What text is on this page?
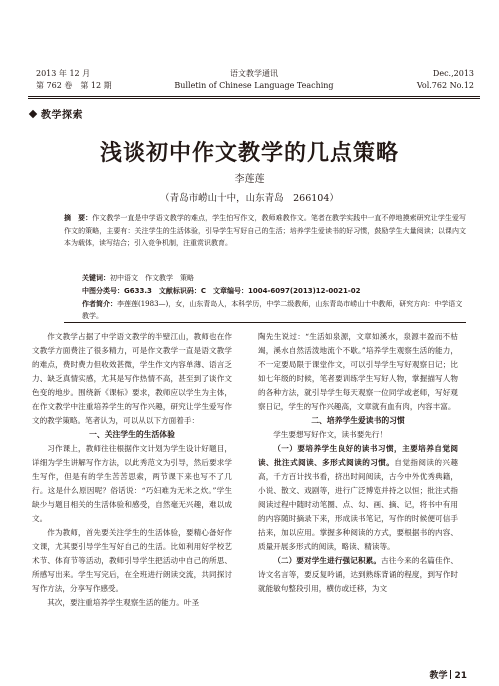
2013 年 12 月
第 762 卷　第 12 期
语文教学通讯
Bulletin of Chinese Language Teaching
Dec.,2013
Vol.762 No.12
教学探索
浅谈初中作文教学的几点策略
李莲莲
（青岛市崂山十中，山东青岛　266104）
摘　要：作文教学一直是中学语文教学的难点，学生怕写作文，教师难教作文。笔者在教学实践中一直不停地摸索研究让学生爱写作文的策略，主要有：关注学生的生活体验，引导学生写好自己的生活；培养学生爱读书的好习惯，鼓励学生大量阅读；以课内文本为载体，读写结合；引入竞争机制，注重赏识教育。
关键词：初中语文　作文教学　策略
中图分类号：G633.3　文献标识码：C　文章编号：1004-6097(2013)12-0021-02
作者简介：李莲莲(1983—)，女，山东青岛人，本科学历，中学二级教师，山东青岛市崂山十中教师，研究方向：中学语文教学。

作文教学占据了中学语文教学的半壁江山，教师也在作文教学方面费注了很多精力，可是作文教学一直是语文教学的难点，费时费力但收效甚微，学生作文内容单薄、语言乏力、缺乏真情实感，尤其是写作热情不高，甚至到了谈作文色变的地步。围绕新《课标》要求，教师应以学生为主体，在作文教学中注重培养学生的写作兴趣，研究让学生爱写作文的教学策略。笔者认为，可以从以下方面着手：

一、关注学生的生活体验

习作课上，教师往往根据作文计划为学生设计好题目，详细为学生讲解写作方法，以此秀范文为引导，然后要求学生写作，但是有的学生苦苦思索，两节课下来也写不了几行。这是什么原因呢？俗话说：“巧妇难为无米之炊。”学生缺少与题目相关的生活体验和感受，自然毫无兴趣，难以成文。

作为教师，首先要关注学生的生活体验，要精心备好作文课，尤其要引导学生写好自己的生活。比如利用好学校艺术节、体育节等活动，教师引导学生把活动中自己的所思、所感写出来。学生写完后，在全班进行朗读交流，共同探讨写作方法，分享写作感受。

其次，要注重培养学生观察生活的能力。叶圣

陶先生说过：“生活如泉源，文章如溪水，泉源丰盈而不枯竭，溪水自然活泼地流个不歇。”培养学生观察生活的能力，不一定要局限于课堂作文，可以引导学生写好观察日记；比如七年级的时候，笔者要训练学生写好人物，掌握描写人物的各种方法，就引导学生每天观察一位同学或老师，写好观察日记，学生的写作兴趣高，文章就有血有肉，内容丰富。

二、培养学生爱读书的习惯

学生要想写好作文，读书要先行！

（一）要培养学生良好的读书习惯，主要培养自觉阅读、批注式阅读、多形式阅读的习惯。自觉指阅读的兴趣高，千方百计找书看，挤出时间阅读，古今中外优秀典籍，小说、散文、戏剧等，进行广泛博览并持之以恒；批注式指阅读过程中随时动笔圈、点、勾、画、摘、记，将书中有用的内容随时摘录下来，形成读书笔记，写作的时候便可信手拈来，加以应用。掌握多种阅读的方式，要根据书的内容、质量开展多形式的阅读，略读、精读等。

（二）要对学生进行强记积累。古往今来的名篇佳作、诗文名言等，要反复吟诵，达到熟练背诵的程度，到写作时就能敏句整段引用，横仿或迁移，为文

教学 21
